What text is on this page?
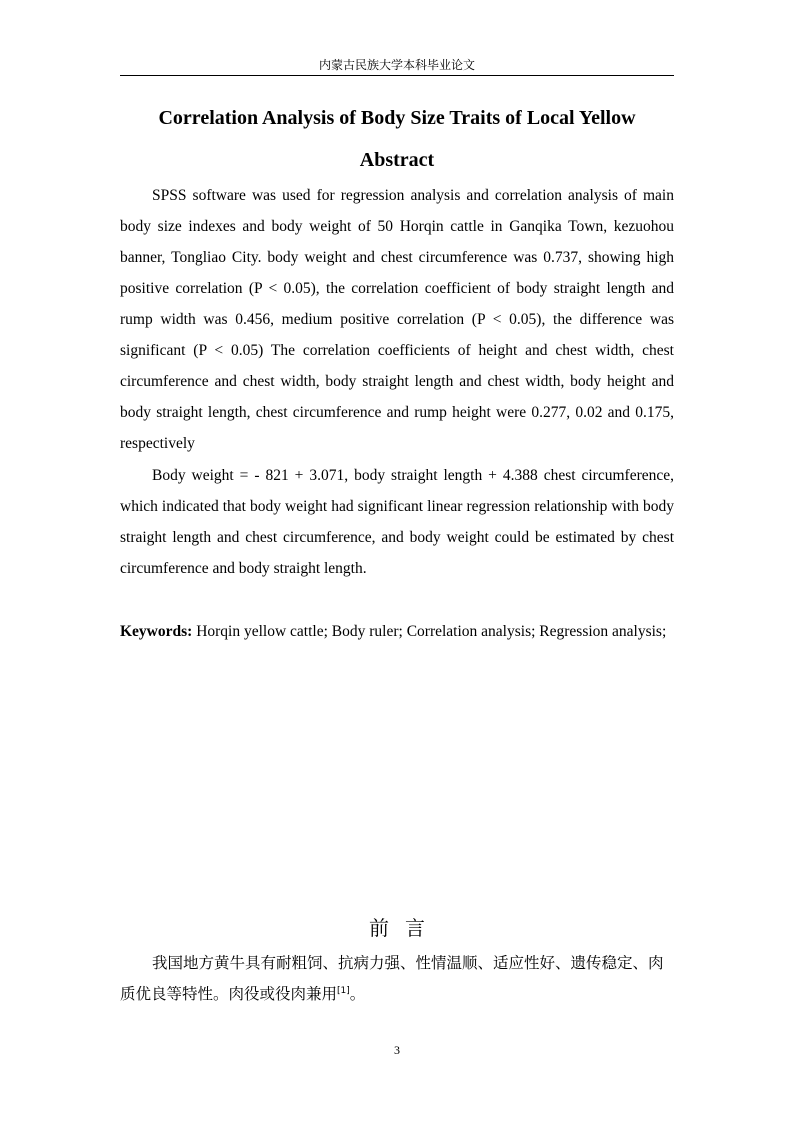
内蒙古民族大学本科毕业论文
Correlation Analysis of Body Size Traits of Local Yellow
Abstract

SPSS software was used for regression analysis and correlation analysis of main body size indexes and body weight of 50 Horqin cattle in Ganqika Town, kezuohou banner, Tongliao City. body weight and chest circumference was 0.737, showing high positive correlation (P < 0.05), the correlation coefficient of body straight length and rump width was 0.456, medium positive correlation (P < 0.05), the difference was significant (P < 0.05) The correlation coefficients of height and chest width, chest circumference and chest width, body straight length and chest width, body height and body straight length, chest circumference and rump height were 0.277, 0.02 and 0.175, respectively

Body weight = - 821 + 3.071, body straight length + 4.388 chest circumference, which indicated that body weight had significant linear regression relationship with body straight length and chest circumference, and body weight could be estimated by chest circumference and body straight length.

Keywords: Horqin yellow cattle; Body ruler; Correlation analysis; Regression analysis;

前言

我国地方黄牛具有耐粗饲、抗病力强、性情温顺、适应性好、遗传稳定、肉质优良等特性。肉役或役肉兼用[1]。

3
